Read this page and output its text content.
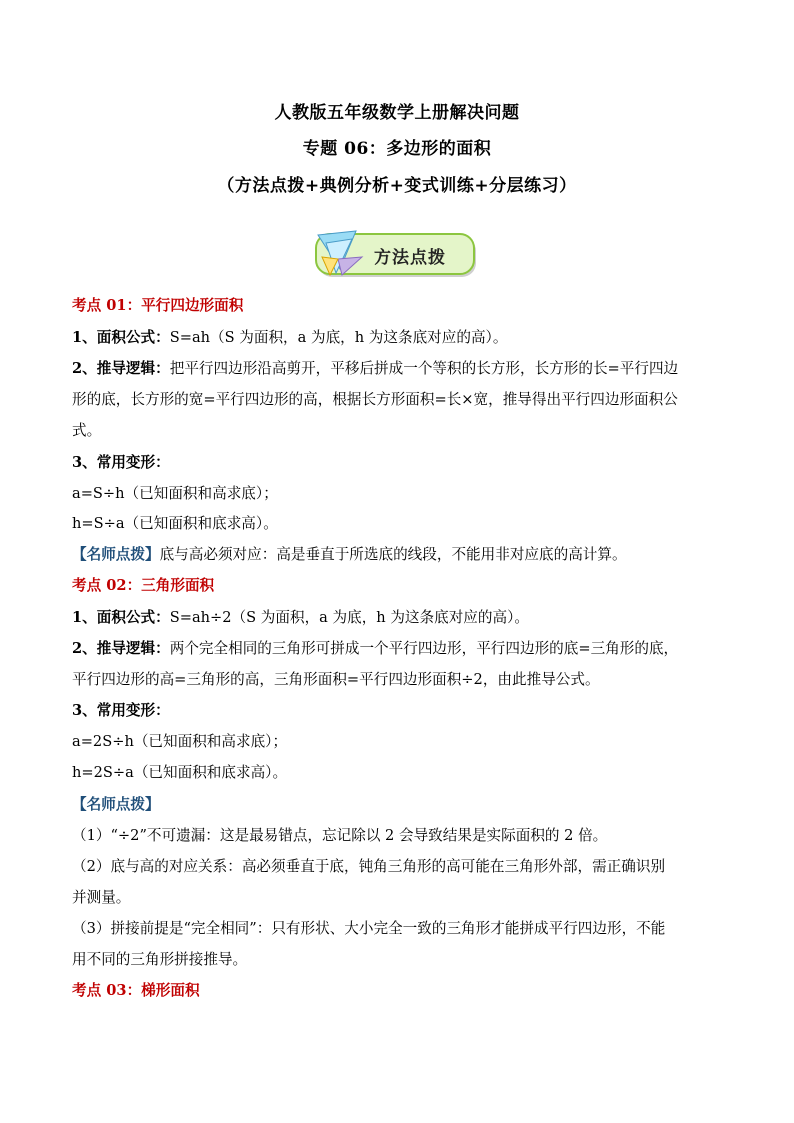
人教版五年级数学上册解决问题
专题 06：多边形的面积
（方法点拨+典例分析+变式训练+分层练习）
方法点拨
考点 01：平行四边形面积
1、面积公式：S=ah（S 为面积，a 为底，h 为这条底对应的高）。
2、推导逻辑：把平行四边形沿高剪开，平移后拼成一个等积的长方形，长方形的长=平行四边
形的底，长方形的宽=平行四边形的高，根据长方形面积=长×宽，推导得出平行四边形面积公
式。
3、常用变形：
a=S÷h（已知面积和高求底）；
h=S÷a（已知面积和底求高）。
【名师点拨】底与高必须对应：高是垂直于所选底的线段，不能用非对应底的高计算。
考点 02：三角形面积
1、面积公式：S=ah÷2（S 为面积，a 为底，h 为这条底对应的高）。
2、推导逻辑：两个完全相同的三角形可拼成一个平行四边形，平行四边形的底=三角形的底，
平行四边形的高=三角形的高，三角形面积=平行四边形面积÷2，由此推导公式。
3、常用变形：
a=2S÷h（已知面积和高求底）；
h=2S÷a（已知面积和底求高）。
【名师点拨】
（1）“÷2”不可遗漏：这是最易错点，忘记除以 2 会导致结果是实际面积的 2 倍。
（2）底与高的对应关系：高必须垂直于底，钝角三角形的高可能在三角形外部，需正确识别
并测量。
（3）拼接前提是“完全相同”：只有形状、大小完全一致的三角形才能拼成平行四边形，不能
用不同的三角形拼接推导。
考点 03：梯形面积
